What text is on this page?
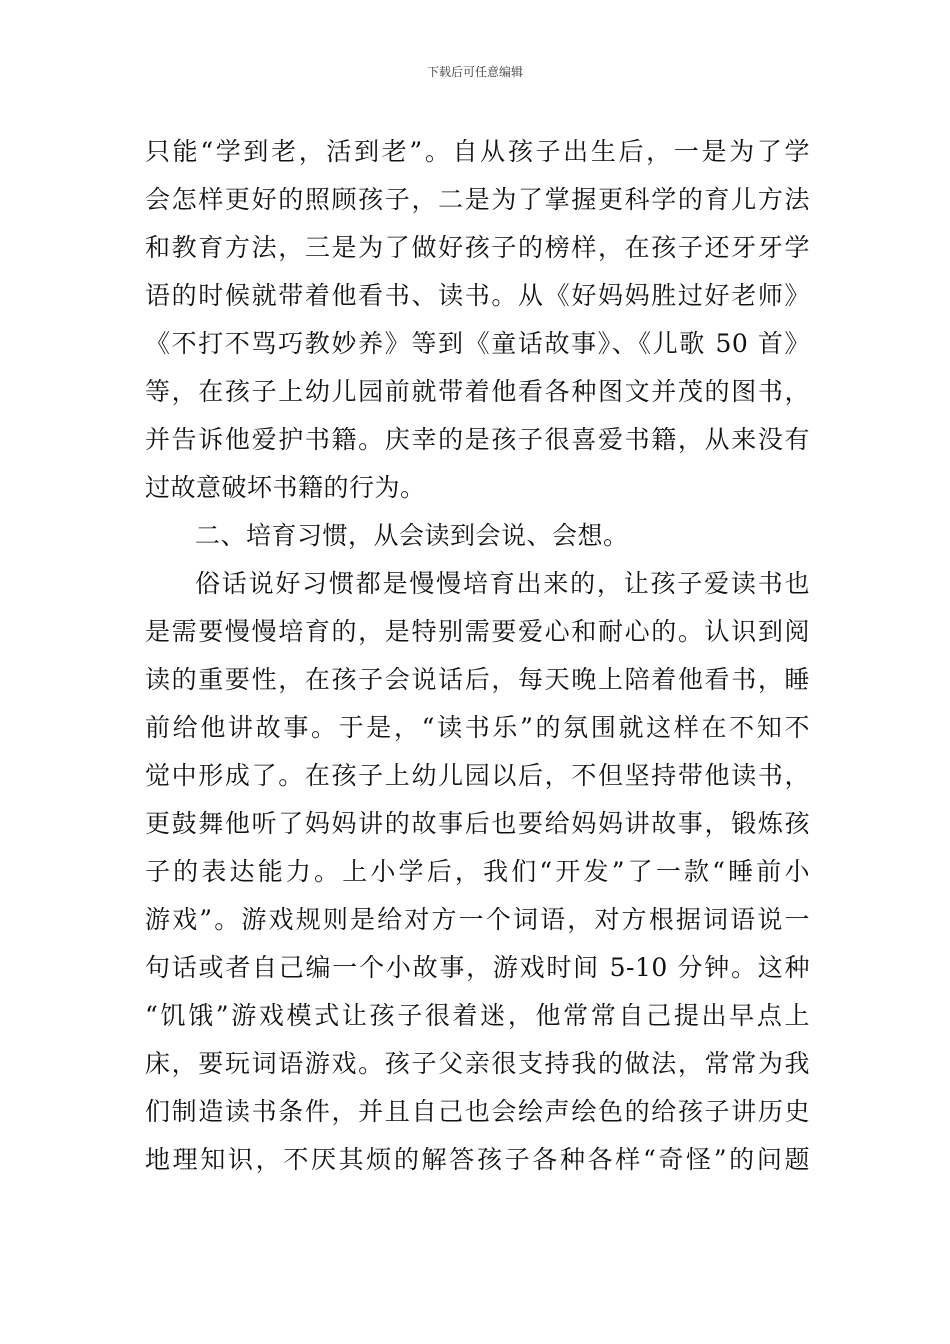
下载后可任意编辑
只能“学到老，活到老”。自从孩子出生后，一是为了学
会怎样更好的照顾孩子，二是为了掌握更科学的育儿方法
和教育方法，三是为了做好孩子的榜样，在孩子还牙牙学
语的时候就带着他看书、读书。从《好妈妈胜过好老师》
《不打不骂巧教妙养》等到《童话故事》、《儿歌 50 首》
等，在孩子上幼儿园前就带着他看各种图文并茂的图书，
并告诉他爱护书籍。庆幸的是孩子很喜爱书籍，从来没有
过故意破坏书籍的行为。
二、培育习惯，从会读到会说、会想。
俗话说好习惯都是慢慢培育出来的，让孩子爱读书也
是需要慢慢培育的，是特别需要爱心和耐心的。认识到阅
读的重要性，在孩子会说话后，每天晚上陪着他看书，睡
前给他讲故事。于是，“读书乐”的氛围就这样在不知不
觉中形成了。在孩子上幼儿园以后，不但坚持带他读书，
更鼓舞他听了妈妈讲的故事后也要给妈妈讲故事，锻炼孩
子的表达能力。上小学后，我们“开发”了一款“睡前小
游戏”。游戏规则是给对方一个词语，对方根据词语说一
句话或者自己编一个小故事，游戏时间 5-10 分钟。这种
“饥饿”游戏模式让孩子很着迷，他常常自己提出早点上
床，要玩词语游戏。孩子父亲很支持我的做法，常常为我
们制造读书条件，并且自己也会绘声绘色的给孩子讲历史
地理知识，不厌其烦的解答孩子各种各样“奇怪”的问题
